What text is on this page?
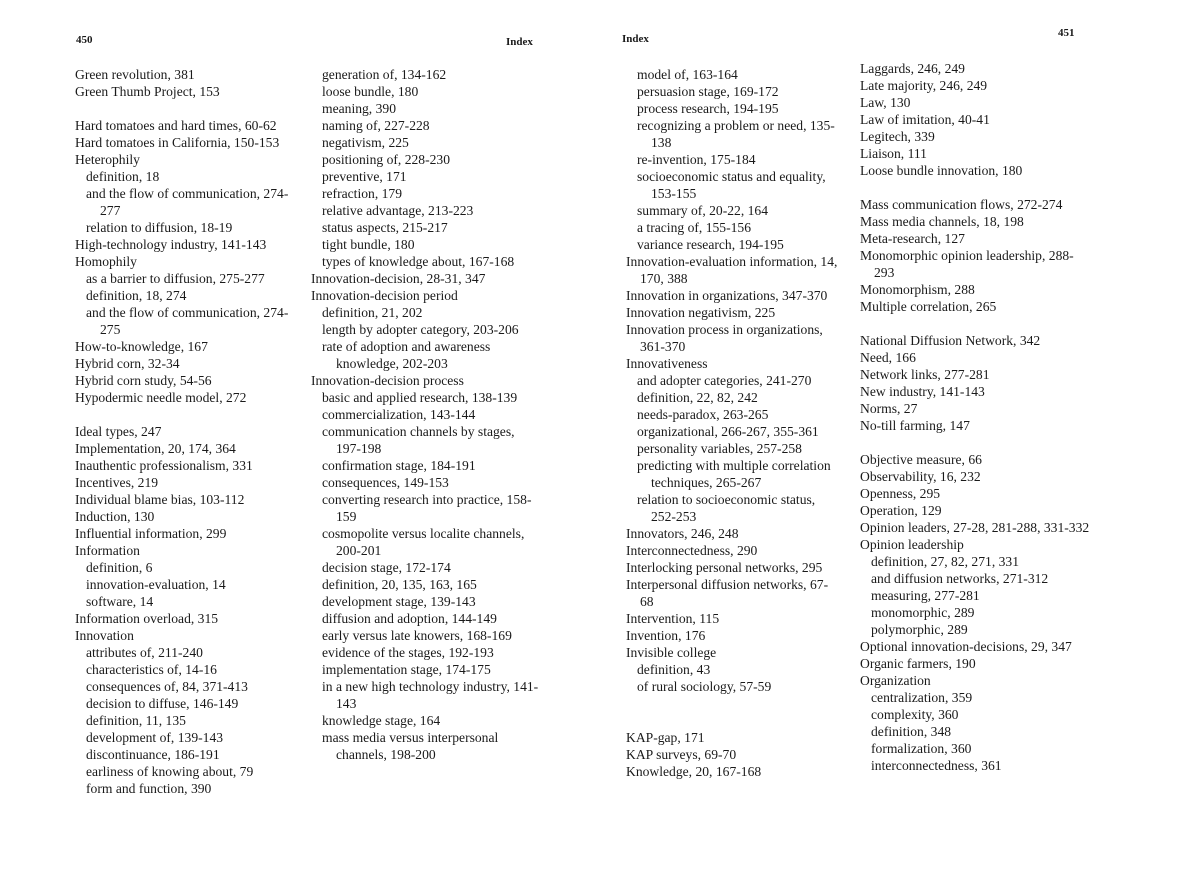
450	Index
Green revolution, 381
Green Thumb Project, 153
Hard tomatoes and hard times, 60-62
Hard tomatoes in California, 150-153
Heterophily
definition, 18
and the flow of communication, 274-277
relation to diffusion, 18-19
High-technology industry, 141-143
Homophily
as a barrier to diffusion, 275-277
definition, 18, 274
and the flow of communication, 274-275
How-to-knowledge, 167
Hybrid corn, 32-34
Hybrid corn study, 54-56
Hypodermic needle model, 272
Ideal types, 247
Implementation, 20, 174, 364
Inauthentic professionalism, 331
Incentives, 219
Individual blame bias, 103-112
Induction, 130
Influential information, 299
Information
definition, 6
innovation-evaluation, 14
software, 14
Information overload, 315
Innovation
attributes of, 211-240
characteristics of, 14-16
consequences of, 84, 371-413
decision to diffuse, 146-149
definition, 11, 135
development of, 139-143
discontinuance, 186-191
earliness of knowing about, 79
form and function, 390
generation of, 134-162
loose bundle, 180
meaning, 390
naming of, 227-228
negativism, 225
positioning of, 228-230
preventive, 171
refraction, 179
relative advantage, 213-223
status aspects, 215-217
tight bundle, 180
types of knowledge about, 167-168
Innovation-decision, 28-31, 347
Innovation-decision period
definition, 21, 202
length by adopter category, 203-206
rate of adoption and awareness knowledge, 202-203
Innovation-decision process
basic and applied research, 138-139
commercialization, 143-144
communication channels by stages, 197-198
confirmation stage, 184-191
consequences, 149-153
converting research into practice, 158-159
cosmopolite versus localite channels, 200-201
decision stage, 172-174
definition, 20, 135, 163, 165
development stage, 139-143
diffusion and adoption, 144-149
early versus late knowers, 168-169
evidence of the stages, 192-193
implementation stage, 174-175
in a new high technology industry, 141-143
knowledge stage, 164
mass media versus interpersonal channels, 198-200
Index	451
model of, 163-164
persuasion stage, 169-172
process research, 194-195
recognizing a problem or need, 135-138
re-invention, 175-184
socioeconomic status and equality, 153-155
summary of, 20-22, 164
a tracing of, 155-156
variance research, 194-195
Innovation-evaluation information, 14, 170, 388
Innovation in organizations, 347-370
Innovation negativism, 225
Innovation process in organizations, 361-370
Innovativeness
and adopter categories, 241-270
definition, 22, 82, 242
needs-paradox, 263-265
organizational, 266-267, 355-361
personality variables, 257-258
predicting with multiple correlation techniques, 265-267
relation to socioeconomic status, 252-253
Innovators, 246, 248
Interconnectedness, 290
Interlocking personal networks, 295
Interpersonal diffusion networks, 67-68
Intervention, 115
Invention, 176
Invisible college
definition, 43
of rural sociology, 57-59
KAP-gap, 171
KAP surveys, 69-70
Knowledge, 20, 167-168
Laggards, 246, 249
Late majority, 246, 249
Law, 130
Law of imitation, 40-41
Legitech, 339
Liaison, 111
Loose bundle innovation, 180
Mass communication flows, 272-274
Mass media channels, 18, 198
Meta-research, 127
Monomorphic opinion leadership, 288-293
Monomorphism, 288
Multiple correlation, 265
National Diffusion Network, 342
Need, 166
Network links, 277-281
New industry, 141-143
Norms, 27
No-till farming, 147
Objective measure, 66
Observability, 16, 232
Openness, 295
Operation, 129
Opinion leaders, 27-28, 281-288, 331-332
Opinion leadership
definition, 27, 82, 271, 331
and diffusion networks, 271-312
measuring, 277-281
monomorphic, 289
polymorphic, 289
Optional innovation-decisions, 29, 347
Organic farmers, 190
Organization
centralization, 359
complexity, 360
definition, 348
formalization, 360
interconnectedness, 361
